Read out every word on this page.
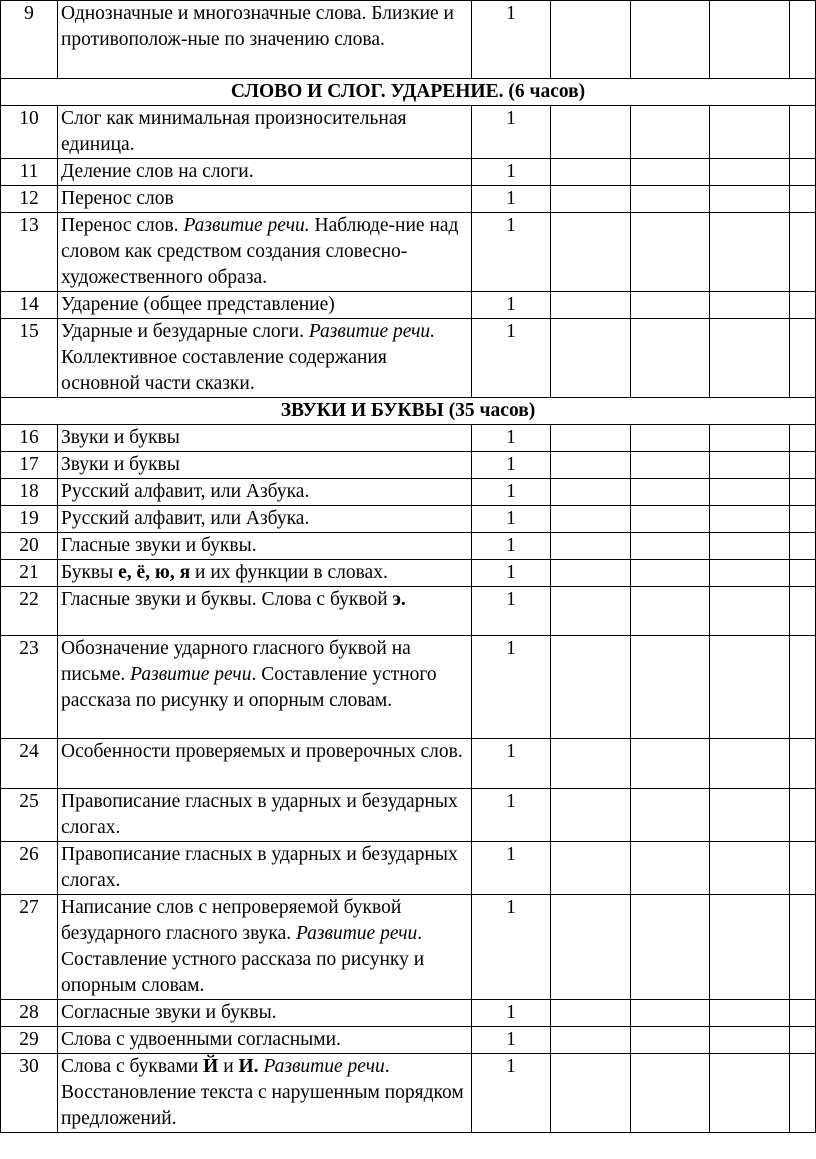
9	Однозначные и многозначные слова. Близкие и противополож-ные по значению слова.	1				
СЛОВО И СЛОГ. УДАРЕНИЕ. (6 часов)						
10	Слог как минимальная произносительная единица.	1				
11	Деление слов на слоги.	1				
12	Перенос слов	1				
13	Перенос слов. Развитие речи. Наблюде-ние над словом как средством создания словесно-художественного образа.	1				
14	Ударение (общее представление)	1				
15	Ударные и безударные слоги. Развитие речи. Коллективное составление содержания основной части сказки.	1				
ЗВУКИ И БУКВЫ (35 часов)						
16	Звуки и буквы	1				
17	Звуки и буквы	1				
18	Русский алфавит, или Азбука.	1				
19	Русский алфавит, или Азбука.	1				
20	Гласные звуки и буквы.	1				
21	Буквы е, ё, ю, я и их функции в словах.	1				
22	Гласные звуки и буквы. Слова с буквой э.	1				
23	Обозначение ударного гласного буквой на письме. Развитие речи. Составление устного рассказа по рисунку и опорным словам.	1				
24	Особенности проверяемых и проверочных слов.	1				
25	Правописание гласных в ударных и безударных слогах.	1				
26	Правописание гласных в ударных и безударных слогах.	1				
27	Написание слов с непроверяемой буквой безударного гласного звука. Развитие речи. Составление устного рассказа по рисунку и опорным словам.	1				
28	Согласные звуки и буквы.	1				
29	Слова с удвоенными согласными.	1				
30	Слова с буквами Й и И. Развитие речи. Восстановление текста с нарушенным порядком предложений.	1				
